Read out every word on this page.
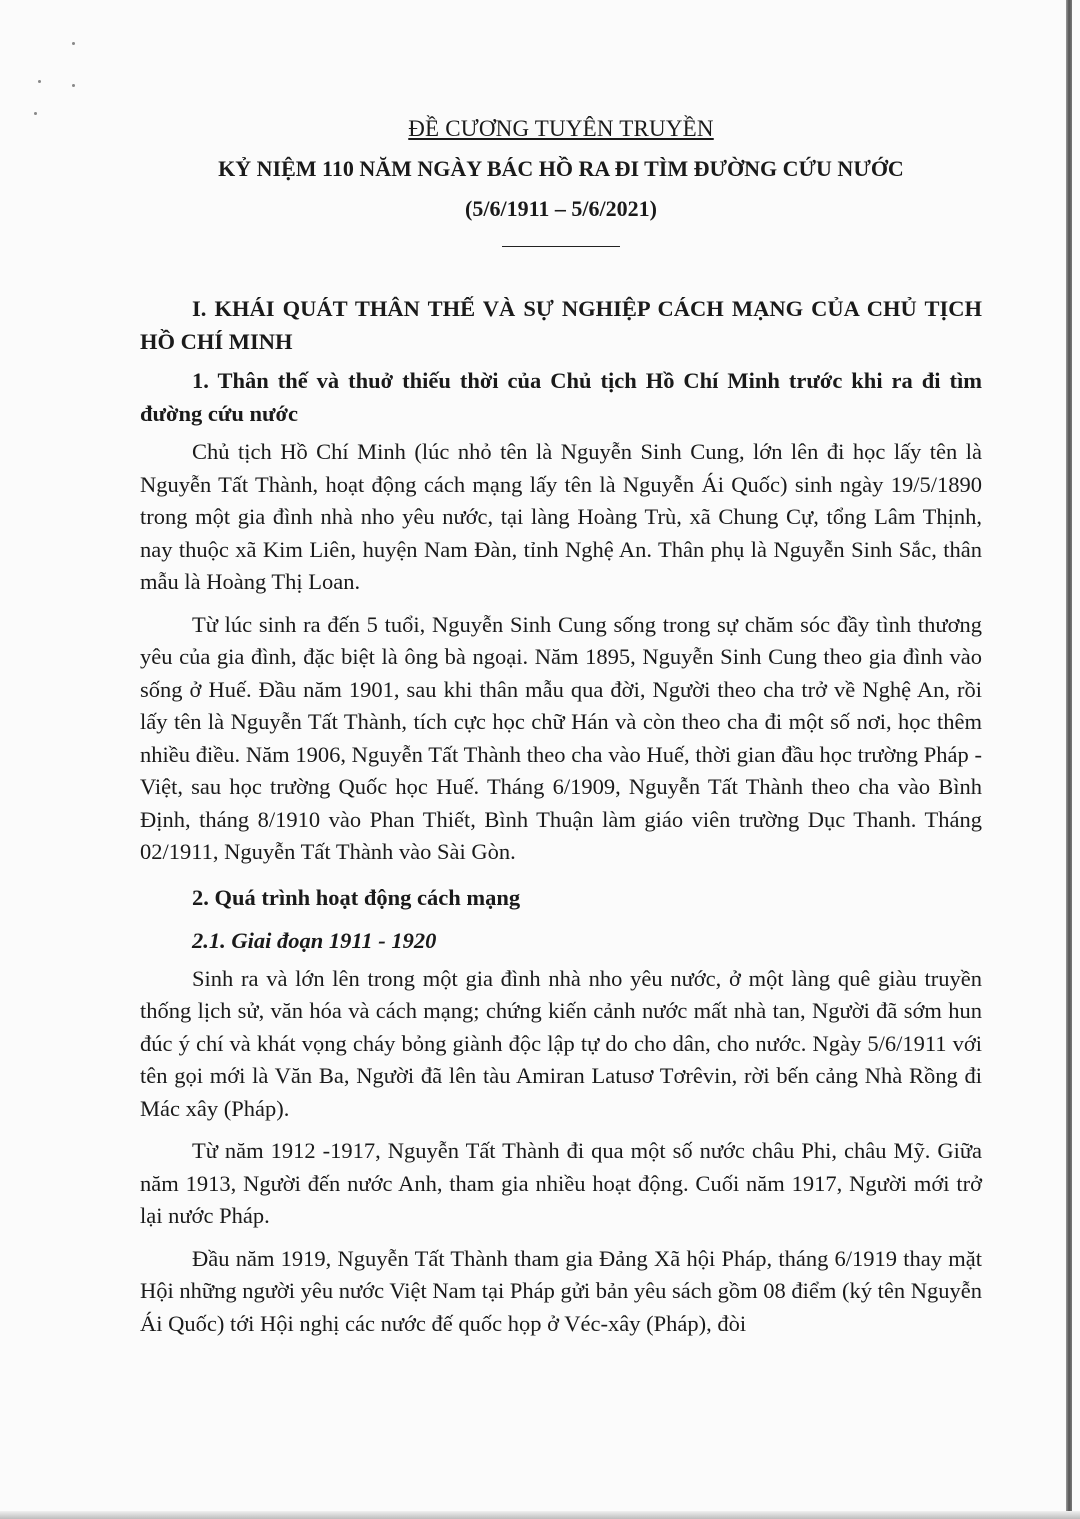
ĐỀ CƯƠNG TUYÊN TRUYỀN

KỶ NIỆM 110 NĂM NGÀY BÁC HỒ RA ĐI TÌM ĐƯỜNG CỨU NƯỚC

(5/6/1911 – 5/6/2021)

I. KHÁI QUÁT THÂN THẾ VÀ SỰ NGHIỆP CÁCH MẠNG CỦA CHỦ TỊCH HỒ CHÍ MINH

1. Thân thế và thuở thiếu thời của Chủ tịch Hồ Chí Minh trước khi ra đi tìm đường cứu nước

Chủ tịch Hồ Chí Minh (lúc nhỏ tên là Nguyễn Sinh Cung, lớn lên đi học lấy tên là Nguyễn Tất Thành, hoạt động cách mạng lấy tên là Nguyễn Ái Quốc) sinh ngày 19/5/1890 trong một gia đình nhà nho yêu nước, tại làng Hoàng Trù, xã Chung Cự, tổng Lâm Thịnh, nay thuộc xã Kim Liên, huyện Nam Đàn, tỉnh Nghệ An. Thân phụ là Nguyễn Sinh Sắc, thân mẫu là Hoàng Thị Loan.

Từ lúc sinh ra đến 5 tuổi, Nguyễn Sinh Cung sống trong sự chăm sóc đầy tình thương yêu của gia đình, đặc biệt là ông bà ngoại. Năm 1895, Nguyễn Sinh Cung theo gia đình vào sống ở Huế. Đầu năm 1901, sau khi thân mẫu qua đời, Người theo cha trở về Nghệ An, rồi lấy tên là Nguyễn Tất Thành, tích cực học chữ Hán và còn theo cha đi một số nơi, học thêm nhiều điều. Năm 1906, Nguyễn Tất Thành theo cha vào Huế, thời gian đầu học trường Pháp - Việt, sau học trường Quốc học Huế. Tháng 6/1909, Nguyễn Tất Thành theo cha vào Bình Định, tháng 8/1910 vào Phan Thiết, Bình Thuận làm giáo viên trường Dục Thanh. Tháng 02/1911, Nguyễn Tất Thành vào Sài Gòn.

2. Quá trình hoạt động cách mạng

2.1. Giai đoạn 1911 - 1920

Sinh ra và lớn lên trong một gia đình nhà nho yêu nước, ở một làng quê giàu truyền thống lịch sử, văn hóa và cách mạng; chứng kiến cảnh nước mất nhà tan, Người đã sớm hun đúc ý chí và khát vọng cháy bỏng giành độc lập tự do cho dân, cho nước. Ngày 5/6/1911 với tên gọi mới là Văn Ba, Người đã lên tàu Amiran Latusơ Tơrêvin, rời bến cảng Nhà Rồng đi Mác xây (Pháp).

Từ năm 1912 -1917, Nguyễn Tất Thành đi qua một số nước châu Phi, châu Mỹ. Giữa năm 1913, Người đến nước Anh, tham gia nhiều hoạt động. Cuối năm 1917, Người mới trở lại nước Pháp.

Đầu năm 1919, Nguyễn Tất Thành tham gia Đảng Xã hội Pháp, tháng 6/1919 thay mặt Hội những người yêu nước Việt Nam tại Pháp gửi bản yêu sách gồm 08 điểm (ký tên Nguyễn Ái Quốc) tới Hội nghị các nước đế quốc họp ở Véc-xây (Pháp), đòi
